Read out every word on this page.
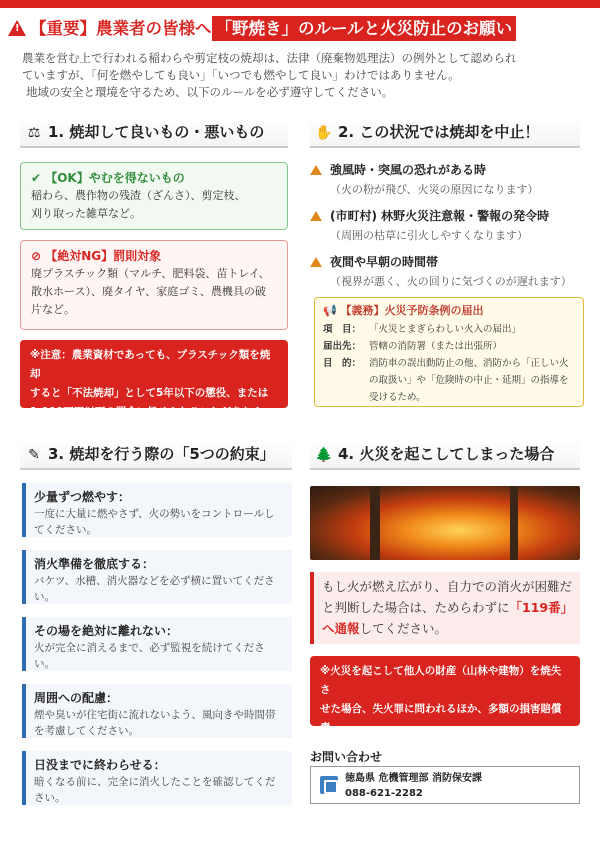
!【重要】農業者の皆様へ 「野焼き」のルールと火災防止のお願い
農業を営む上で行われる稲わらや剪定枝の焼却は、法律（廃棄物処理法）の例外として認められ
ていますが、「何を燃やしても良い」「いつでも燃やして良い」わけではありません。
地域の安全と環境を守るため、以下のルールを必ず遵守してください。
⚖ 1. 焼却して良いもの・悪いもの
✔ 【OK】やむを得ないもの
稲わら、農作物の残渣（ざんさ）、剪定枝、
刈り取った雑草など。
⊘ 【絶対NG】罰則対象
廃プラスチック類（マルチ、肥料袋、苗トレイ、
散水ホース）、廃タイヤ、家庭ゴミ、農機具の破
片など。
※注意：農業資材であっても、プラスチック類を焼却
すると「不法焼却」として5年以下の懲役、または
1,000万円以下の罰金に処せられることがあります。
✋ 2. この状況では焼却を中止！
強風時・突風の恐れがある時
（火の粉が飛び、火災の原因になります）
(市町村) 林野火災注意報・警報の発令時
（周囲の枯草に引火しやすくなります）
夜間や早朝の時間帯
（視界が悪く、火の回りに気づくのが遅れます）
📢 【義務】火災予防条例の届出
項　目： 「火災とまぎらわしい火入の届出」
届出先： 管轄の消防署（または出張所）
目　的： 消防車の誤出動防止の他、消防から「正しい火の取扱い」や「危険時の中止・延期」の指導を受けるため。
✎ 3. 焼却を行う際の「5つの約束」
少量ずつ燃やす：
一度に大量に燃やさず、火の勢いをコントロールしてください。
消火準備を徹底する：
バケツ、水槽、消火器などを必ず横に置いてください。
その場を絶対に離れない：
火が完全に消えるまで、必ず監視を続けてください。
周囲への配慮：
煙や臭いが住宅街に流れないよう、風向きや時間帯を考慮してください。
日没までに終わらせる：
暗くなる前に、完全に消火したことを確認してください。
🌲 4. 火災を起こしてしまった場合
もし火が燃え広がり、自力での消火が困難だと判断した場合は、ためらわずに「119番」へ通報してください。
※火災を起こして他人の財産（山林や建物）を焼失さ
せた場合、失火罪に問われるほか、多額の損害賠償責
任が発生することがあります。
お問い合わせ
徳島県 危機管理部 消防保安課
088-621-2282
